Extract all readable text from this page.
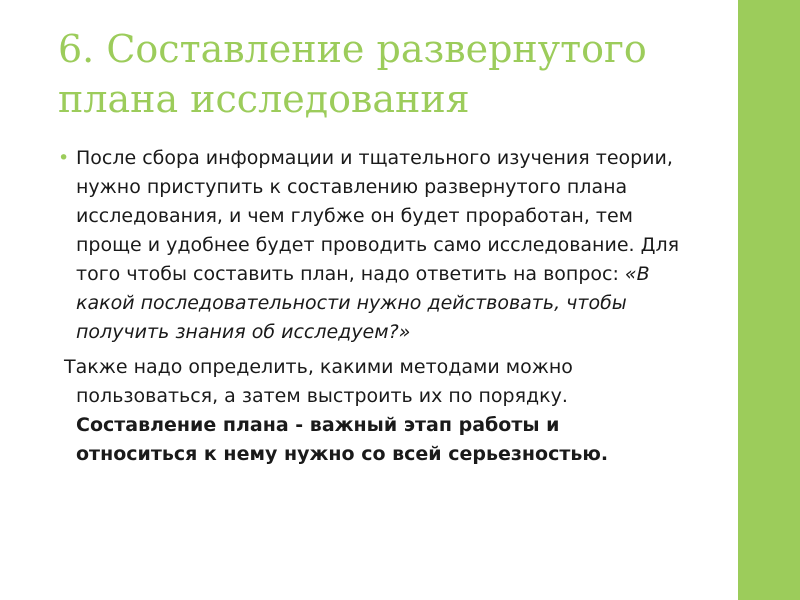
6. Составление развернутого плана исследования
• После сбора информации и тщательного изучения теории, нужно приступить к составлению развернутого плана исследования, и чем глубже он будет проработан, тем проще и удобнее будет проводить само исследование. Для того чтобы составить план, надо ответить на вопрос: «В какой последовательности нужно действовать, чтобы получить знания об исследуем?»
Также надо определить, какими методами можно
пользоваться, а затем выстроить их по порядку. Составление плана - важный этап работы и относиться к нему нужно со всей серьезностью.
